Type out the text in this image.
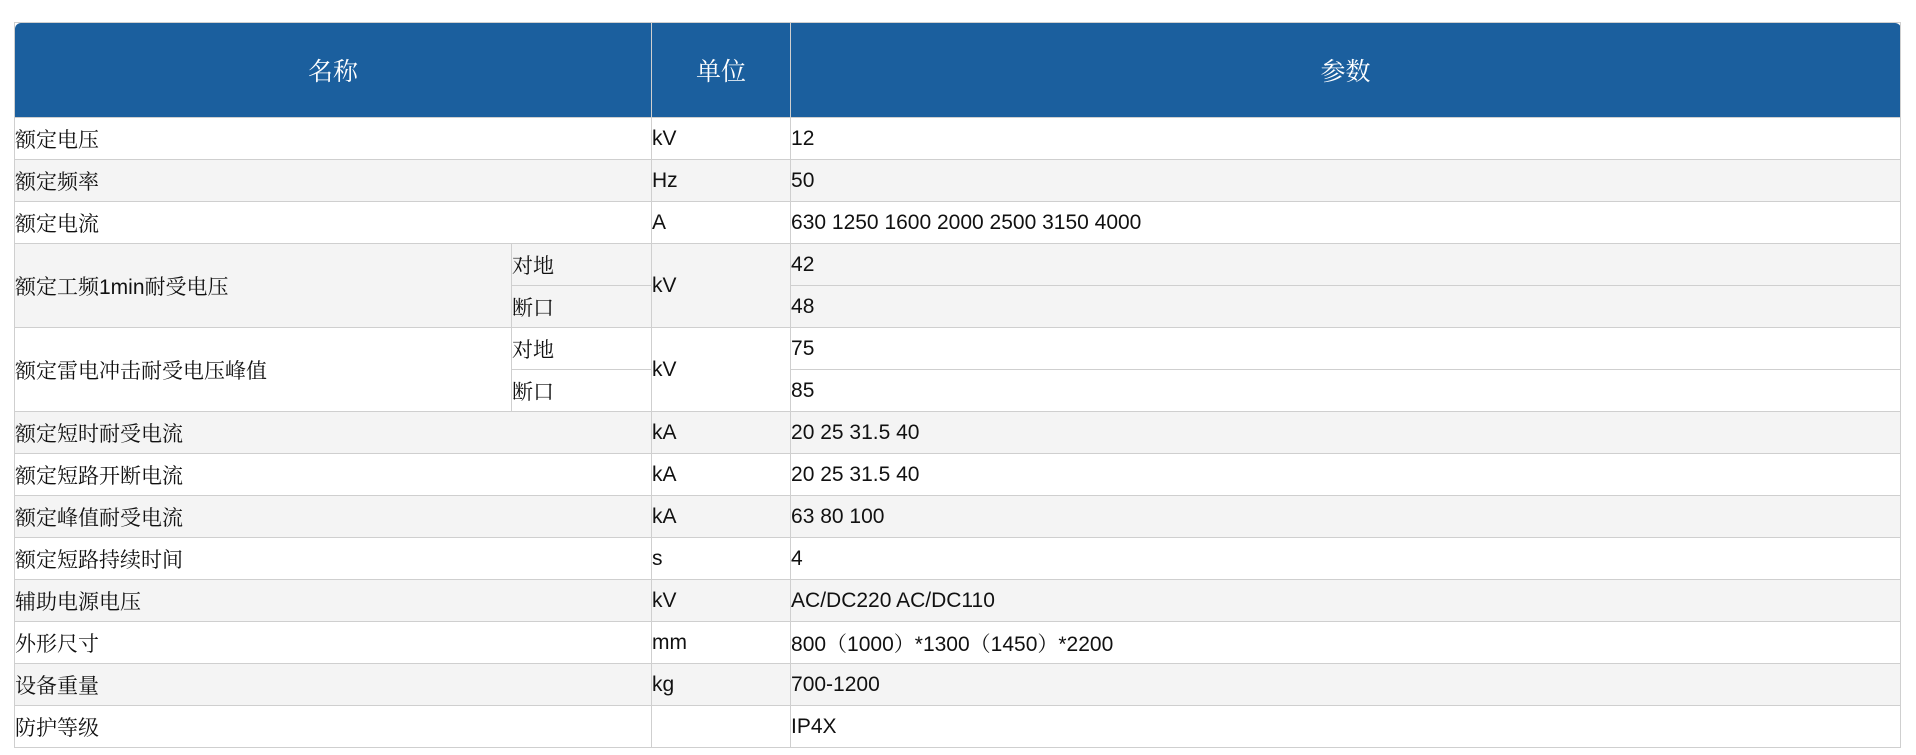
名称		单位	参数
额定电压		kV	12
额定频率		Hz	50
额定电流		A	630 1250 1600 2000 2500 3150 4000
额定工频1min耐受电压	对地	kV	42
	断口		48
额定雷电冲击耐受电压峰值	对地	kV	75
	断口		85
额定短时耐受电流		kA	20 25 31.5 40
额定短路开断电流		kA	20 25 31.5 40
额定峰值耐受电流		kA	63 80 100
额定短路持续时间		s	4
辅助电源电压		kV	AC/DC220 AC/DC110
外形尺寸		mm	800（1000）*1300（1450）*2200
设备重量		kg	700-1200
防护等级			IP4X
